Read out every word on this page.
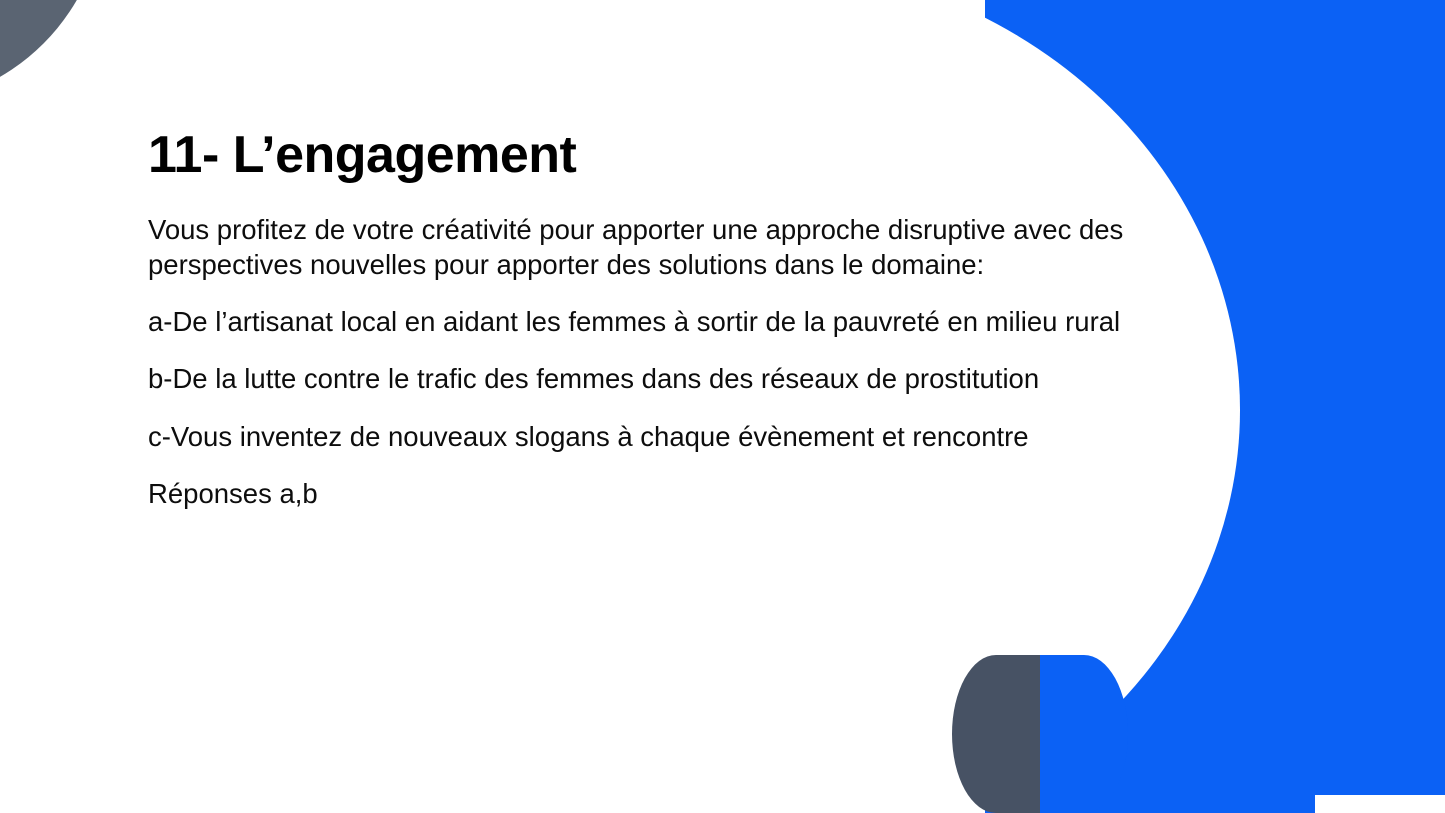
11- L’engagement

Vous profitez de votre créativité pour apporter une approche disruptive avec des perspectives nouvelles pour apporter des solutions dans le domaine:

a-De l’artisanat local en aidant les femmes à sortir de la pauvreté en milieu rural

b-De la lutte contre le trafic des femmes dans des réseaux de prostitution

c-Vous inventez de nouveaux slogans à chaque évènement et rencontre

Réponses a,b
